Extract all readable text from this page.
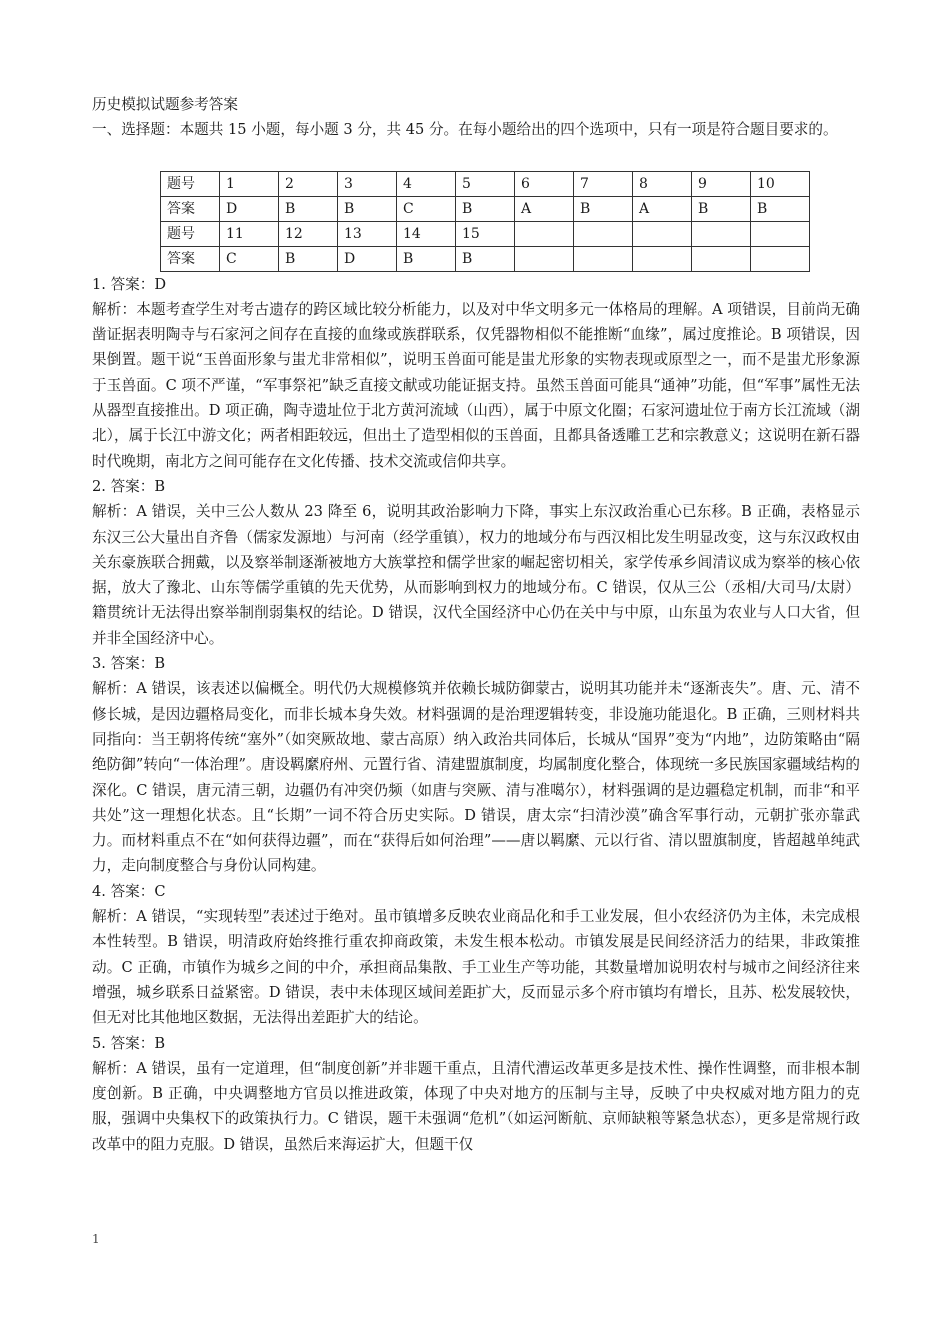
历史模拟试题参考答案

一、选择题：本题共 15 小题，每小题 3 分，共 45 分。在每小题给出的四个选项中，只有一项是符合题目要求的。

题号	1	2	3	4	5	6	7	8	9	10
答案	D	B	B	C	B	A	B	A	B	B
题号	11	12	13	14	15					
答案	C	B	D	B	B					

1. 答案：D

解析：本题考查学生对考古遗存的跨区域比较分析能力，以及对中华文明多元一体格局的理解。A 项错误，目前尚无确凿证据表明陶寺与石家河之间存在直接的血缘或族群联系，仅凭器物相似不能推断“血缘”，属过度推论。B 项错误，因果倒置。题干说“玉兽面形象与蚩尤非常相似”，说明玉兽面可能是蚩尤形象的实物表现或原型之一，而不是蚩尤形象源于玉兽面。C 项不严谨，“军事祭祀”缺乏直接文献或功能证据支持。虽然玉兽面可能具“通神”功能，但“军事”属性无法从器型直接推出。D 项正确，陶寺遗址位于北方黄河流域（山西），属于中原文化圈；石家河遗址位于南方长江流域（湖北），属于长江中游文化；两者相距较远，但出土了造型相似的玉兽面，且都具备透雕工艺和宗教意义；这说明在新石器时代晚期，南北方之间可能存在文化传播、技术交流或信仰共享。

2. 答案：B

解析：A 错误，关中三公人数从 23 降至 6，说明其政治影响力下降，事实上东汉政治重心已东移。B 正确，表格显示东汉三公大量出自齐鲁（儒家发源地）与河南（经学重镇），权力的地域分布与西汉相比发生明显改变，这与东汉政权由关东豪族联合拥戴，以及察举制逐渐被地方大族掌控和儒学世家的崛起密切相关，家学传承乡闾清议成为察举的核心依据，放大了豫北、山东等儒学重镇的先天优势，从而影响到权力的地域分布。C 错误，仅从三公（丞相/大司马/太尉）籍贯统计无法得出察举制削弱集权的结论。D 错误，汉代全国经济中心仍在关中与中原，山东虽为农业与人口大省，但并非全国经济中心。

3. 答案：B

解析：A 错误，该表述以偏概全。明代仍大规模修筑并依赖长城防御蒙古，说明其功能并未“逐渐丧失”。唐、元、清不修长城，是因边疆格局变化，而非长城本身失效。材料强调的是治理逻辑转变，非设施功能退化。B 正确，三则材料共同指向：当王朝将传统“塞外”（如突厥故地、蒙古高原）纳入政治共同体后，长城从“国界”变为“内地”，边防策略由“隔绝防御”转向“一体治理”。唐设羁縻府州、元置行省、清建盟旗制度，均属制度化整合，体现统一多民族国家疆域结构的深化。C 错误，唐元清三朝，边疆仍有冲突仍频（如唐与突厥、清与准噶尔），材料强调的是边疆稳定机制，而非“和平共处”这一理想化状态。且“长期”一词不符合历史实际。D 错误，唐太宗“扫清沙漠”确含军事行动，元朝扩张亦靠武力。而材料重点不在“如何获得边疆”，而在“获得后如何治理”——唐以羁縻、元以行省、清以盟旗制度，皆超越单纯武力，走向制度整合与身份认同构建。

4. 答案：C

解析：A 错误，“实现转型”表述过于绝对。虽市镇增多反映农业商品化和手工业发展，但小农经济仍为主体，未完成根本性转型。B 错误，明清政府始终推行重农抑商政策，未发生根本松动。市镇发展是民间经济活力的结果，非政策推动。C 正确，市镇作为城乡之间的中介，承担商品集散、手工业生产等功能，其数量增加说明农村与城市之间经济往来增强，城乡联系日益紧密。D 错误，表中未体现区域间差距扩大，反而显示多个府市镇均有增长，且苏、松发展较快，但无对比其他地区数据，无法得出差距扩大的结论。

5. 答案：B

解析：A 错误，虽有一定道理，但“制度创新”并非题干重点，且清代漕运改革更多是技术性、操作性调整，而非根本制度创新。B 正确，中央调整地方官员以推进政策，体现了中央对地方的压制与主导，反映了中央权威对地方阻力的克服，强调中央集权下的政策执行力。C 错误，题干未强调“危机”（如运河断航、京师缺粮等紧急状态），更多是常规行政改革中的阻力克服。D 错误，虽然后来海运扩大，但题干仅

1
